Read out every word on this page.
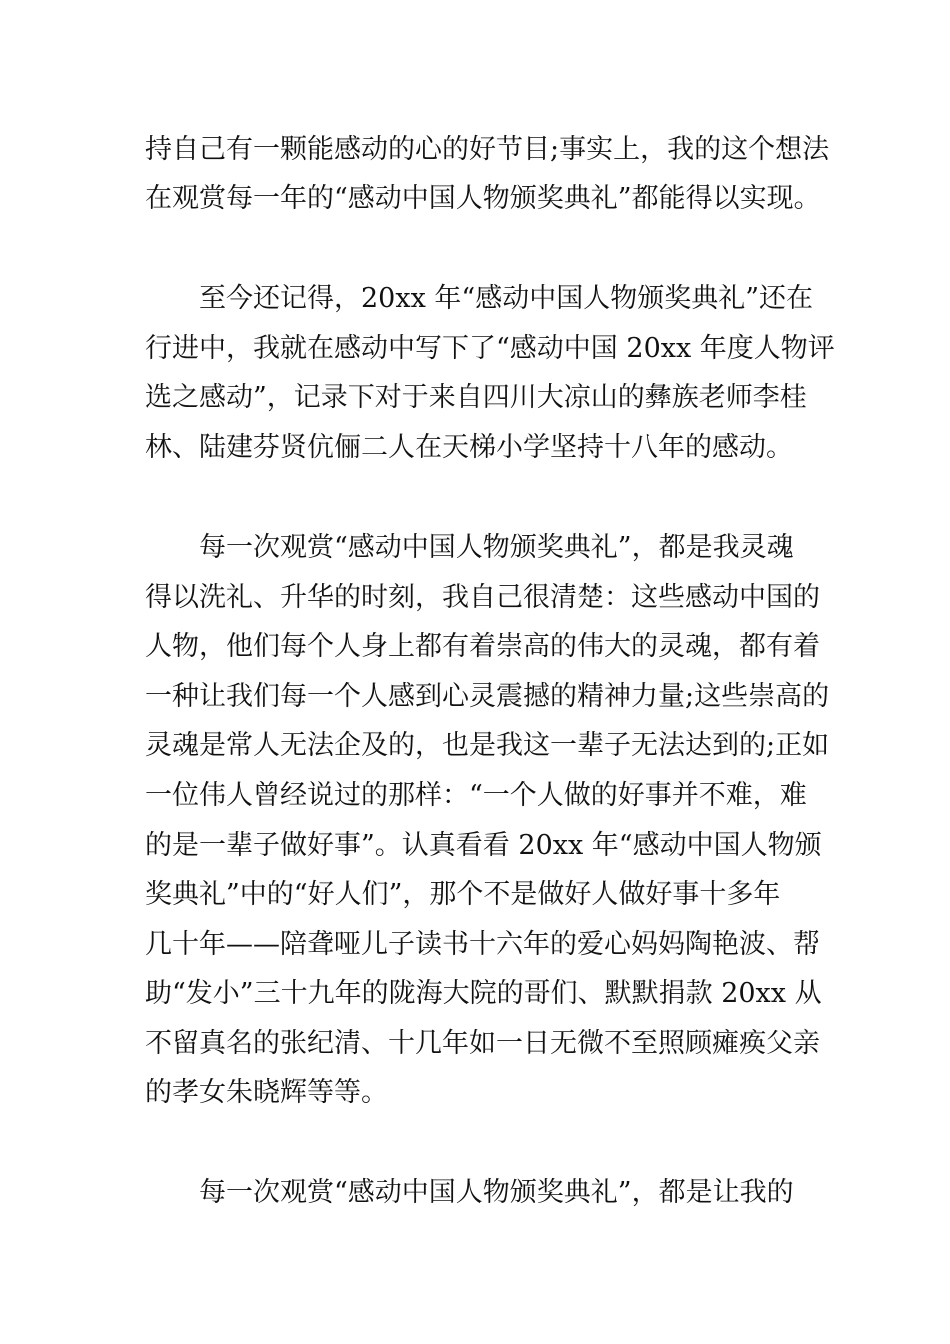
持自己有一颗能感动的心的好节目;事实上，我的这个想法
在观赏每一年的“感动中国人物颁奖典礼”都能得以实现。
至今还记得，20xx 年“感动中国人物颁奖典礼”还在
行进中，我就在感动中写下了“感动中国 20xx 年度人物评
选之感动”，记录下对于来自四川大凉山的彝族老师李桂
林、陆建芬贤伉俪二人在天梯小学坚持十八年的感动。
每一次观赏“感动中国人物颁奖典礼”，都是我灵魂
得以洗礼、升华的时刻，我自己很清楚：这些感动中国的
人物，他们每个人身上都有着崇高的伟大的灵魂，都有着
一种让我们每一个人感到心灵震撼的精神力量;这些崇高的
灵魂是常人无法企及的，也是我这一辈子无法达到的;正如
一位伟人曾经说过的那样：“一个人做的好事并不难，难
的是一辈子做好事”。认真看看 20xx 年“感动中国人物颁
奖典礼”中的“好人们”，那个不是做好人做好事十多年
几十年——陪聋哑儿子读书十六年的爱心妈妈陶艳波、帮
助“发小”三十九年的陇海大院的哥们、默默捐款 20xx 从
不留真名的张纪清、十几年如一日无微不至照顾瘫痪父亲
的孝女朱晓辉等等。
每一次观赏“感动中国人物颁奖典礼”，都是让我的
